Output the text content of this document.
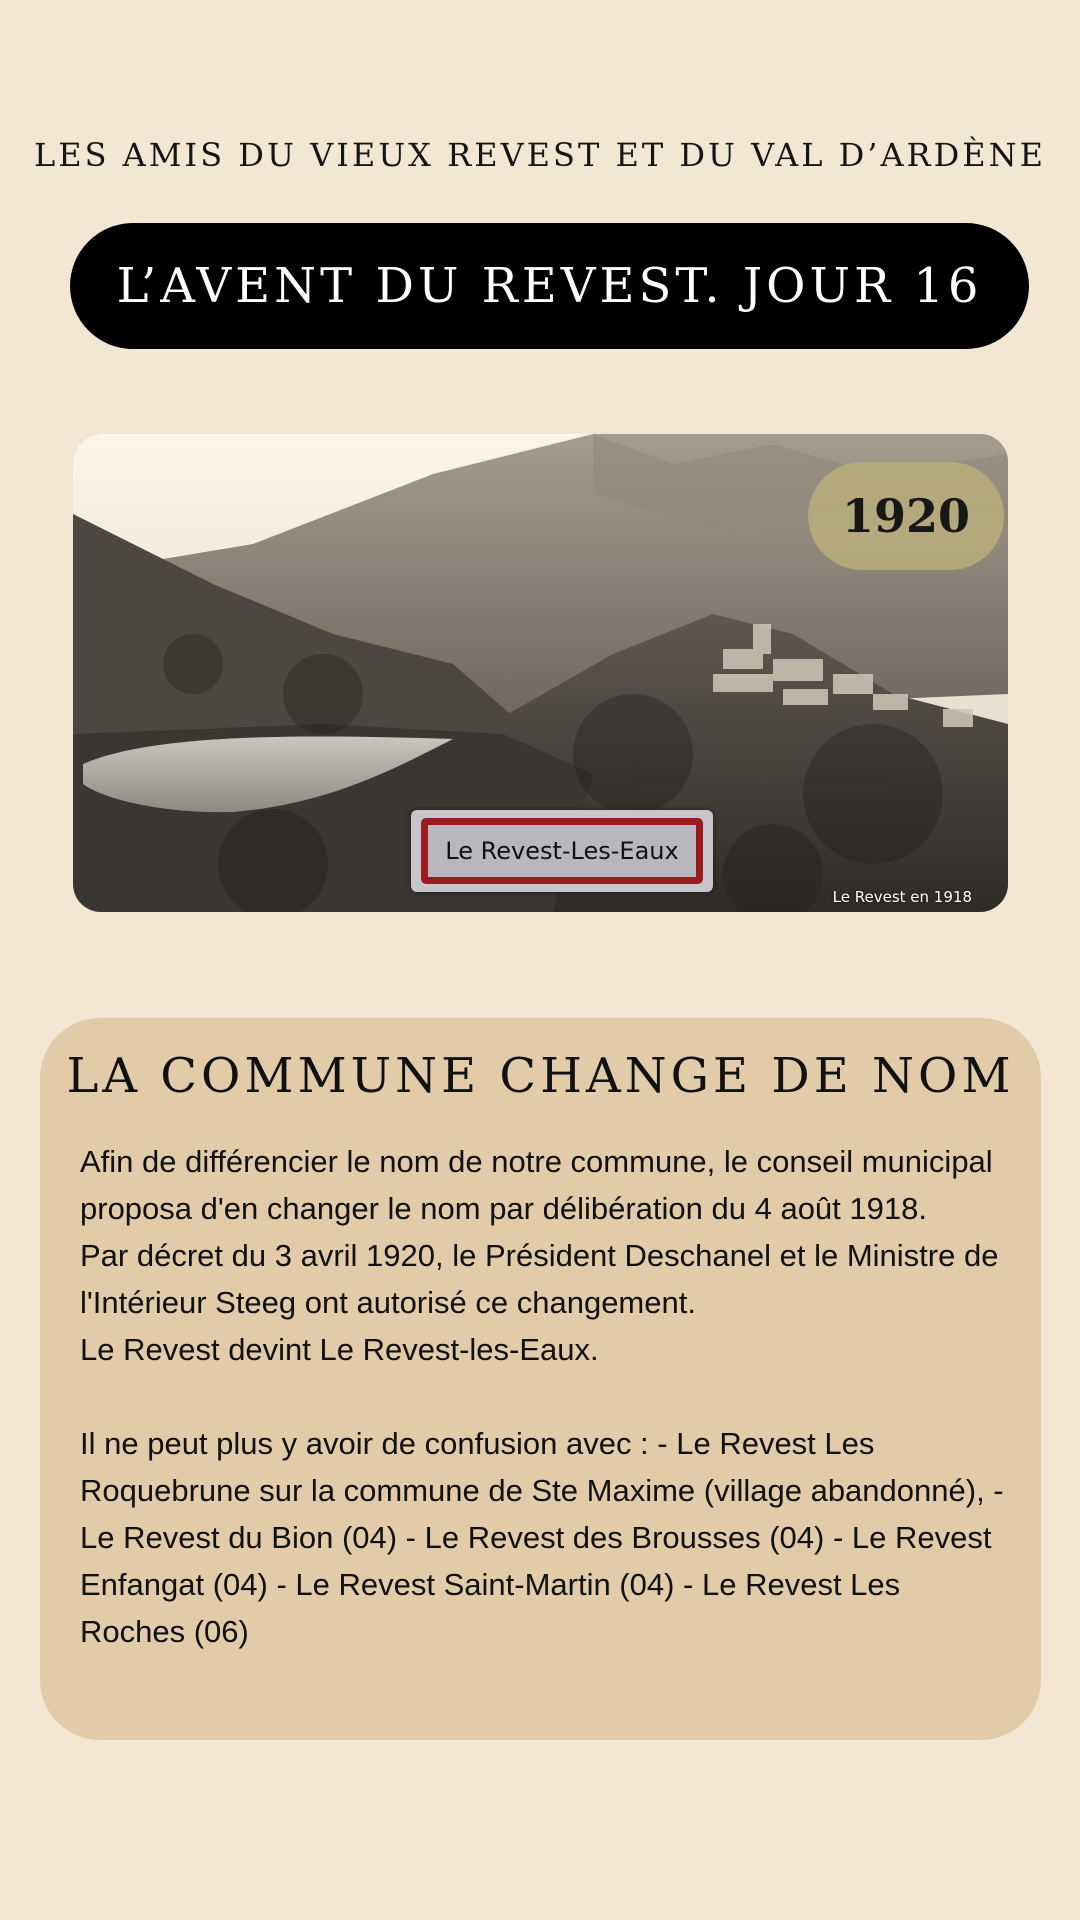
LES AMIS DU VIEUX REVEST ET DU VAL D’ARDÈNE
L’AVENT DU REVEST. JOUR 16
1920
Le Revest-Les-Eaux
Le Revest en 1918
LA COMMUNE CHANGE DE NOM

Afin de différencier le nom de notre commune, le conseil municipal proposa d'en changer le nom par délibération du 4 août 1918.

Par décret du 3 avril 1920, le Président Deschanel et le Ministre de l'Intérieur Steeg ont autorisé ce changement.

Le Revest devint Le Revest-les-Eaux.

Il ne peut plus y avoir de confusion avec : - Le Revest Les Roquebrune sur la commune de Ste Maxime (village abandonné), - Le Revest du Bion (04) - Le Revest des Brousses (04) - Le Revest Enfangat (04) - Le Revest Saint-Martin (04) - Le Revest Les Roches (06)
